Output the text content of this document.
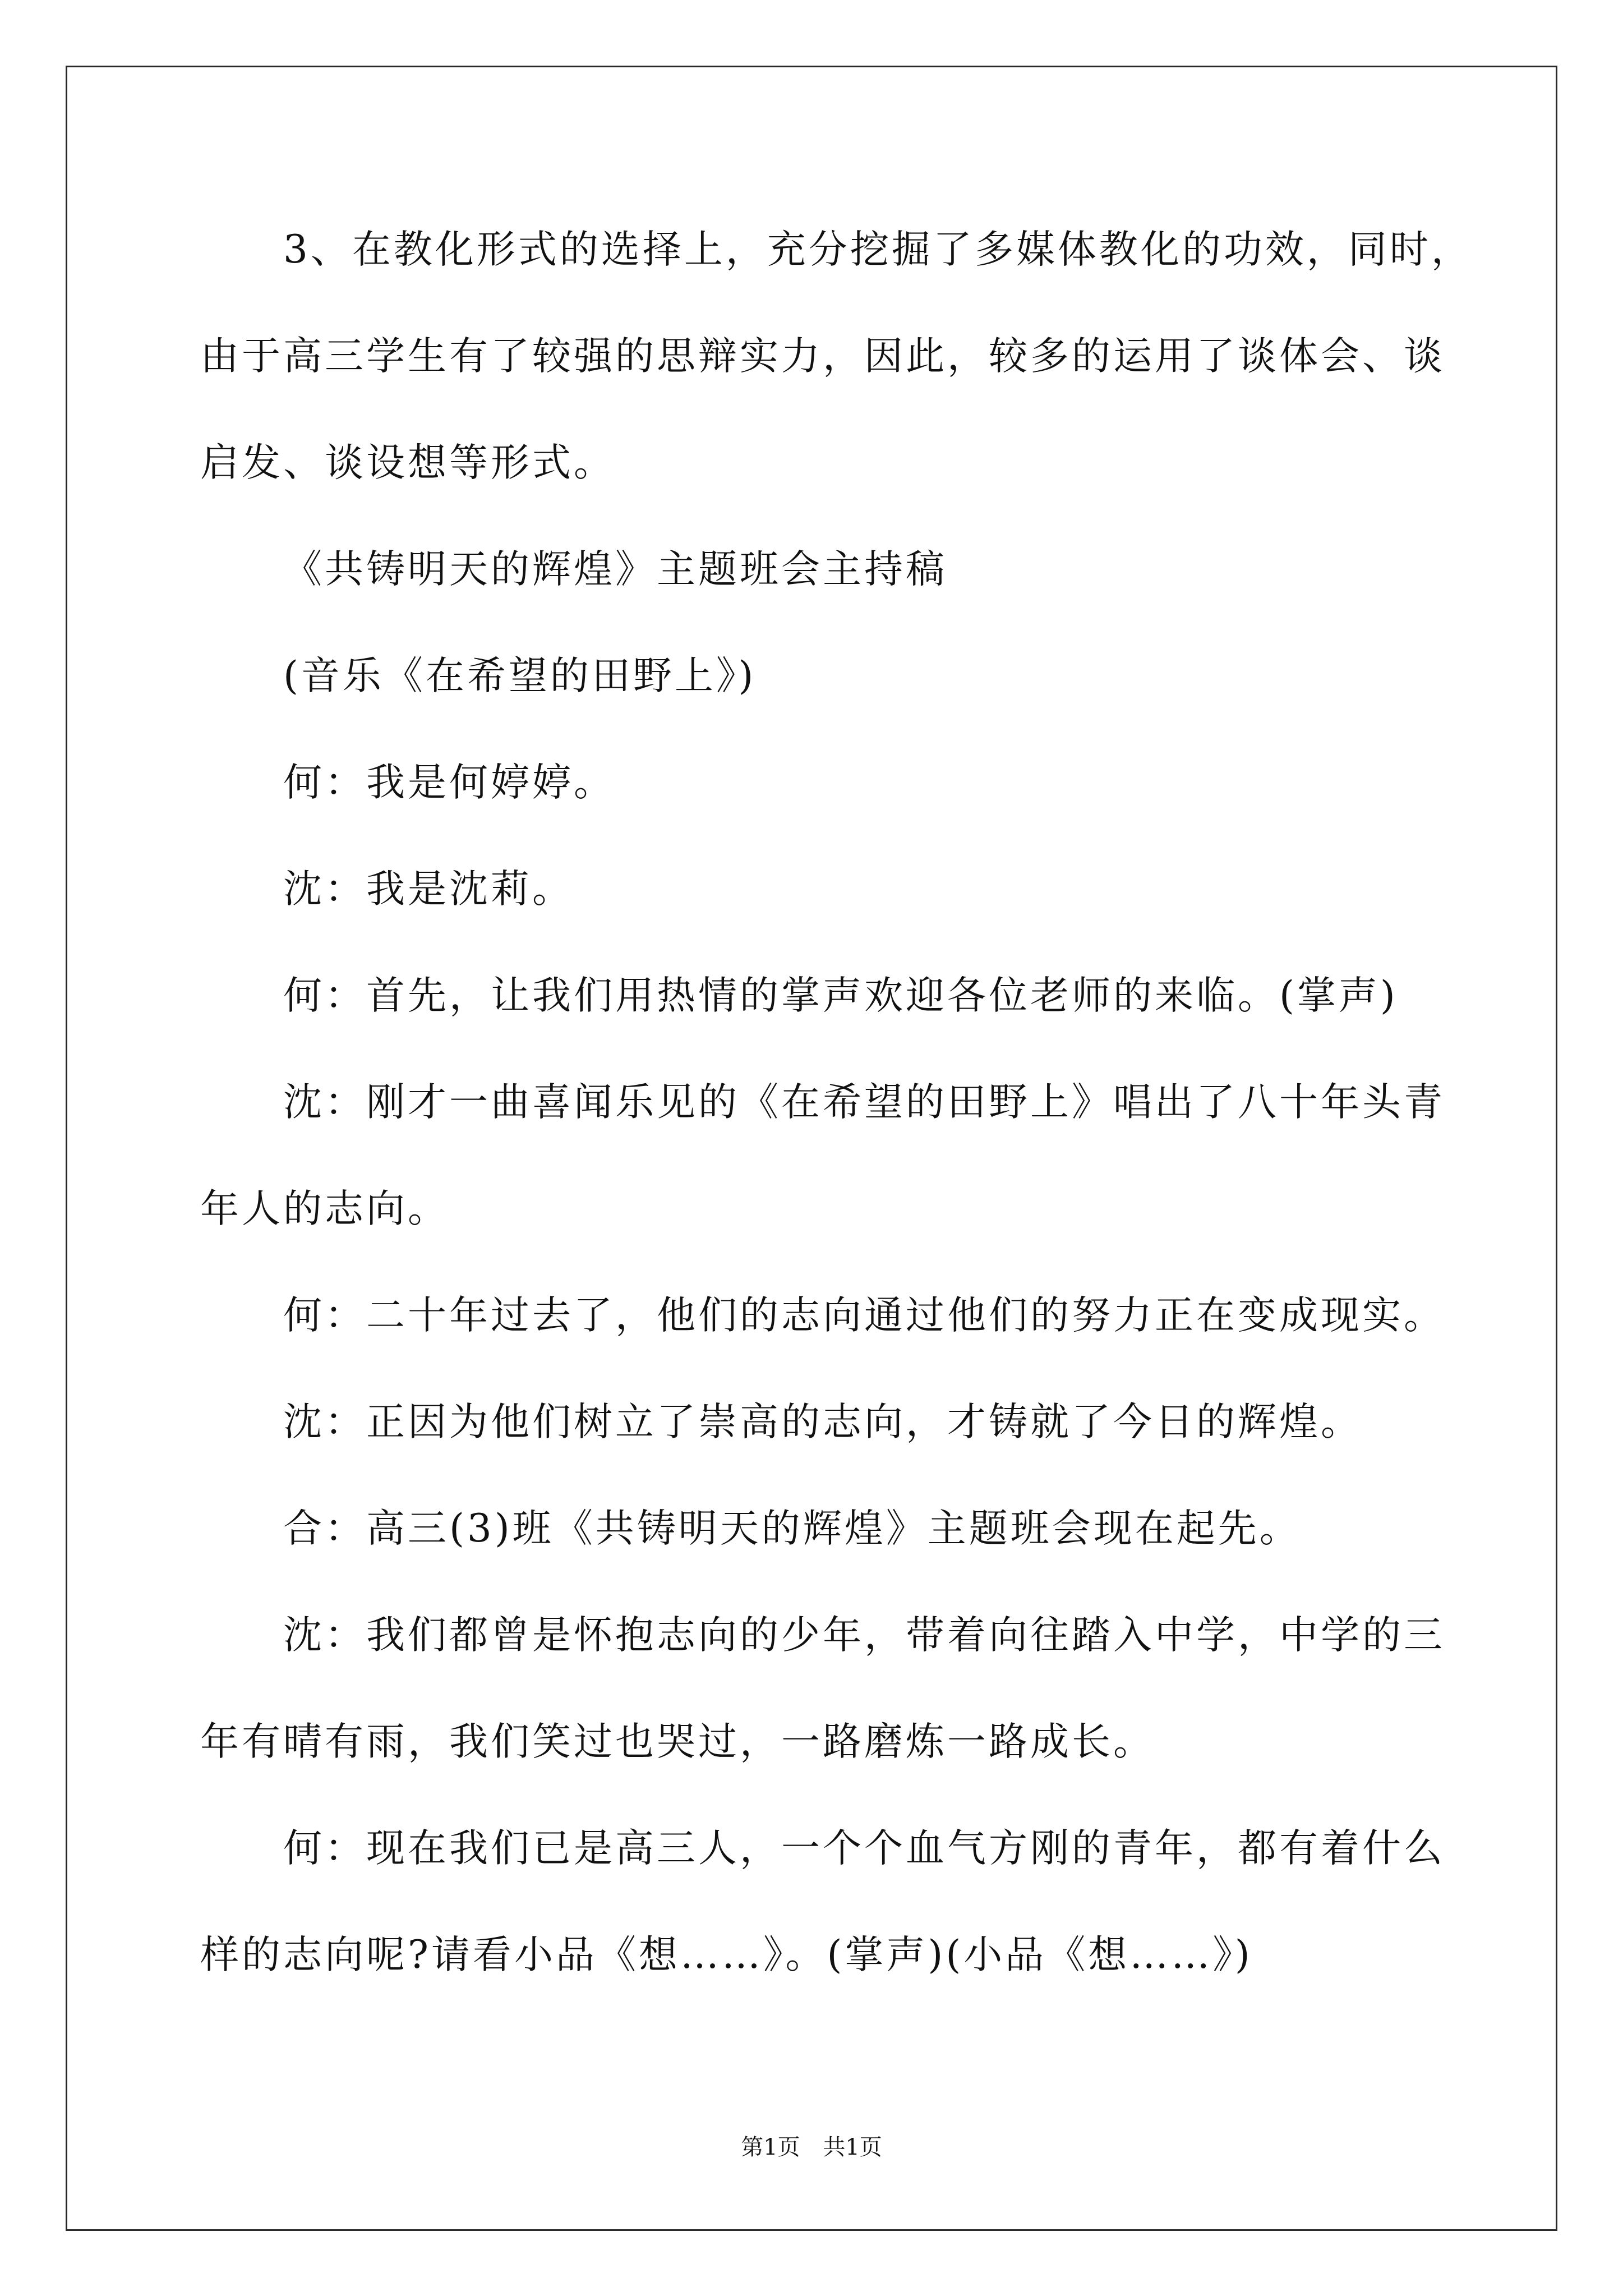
3、在教化形式的选择上，充分挖掘了多媒体教化的功效，同时，
由于高三学生有了较强的思辩实力，因此，较多的运用了谈体会、谈
启发、谈设想等形式。
《共铸明天的辉煌》主题班会主持稿
(音乐《在希望的田野上》)
何：我是何婷婷。
沈：我是沈莉。
何：首先，让我们用热情的掌声欢迎各位老师的来临。(掌声)
沈：刚才一曲喜闻乐见的《在希望的田野上》唱出了八十年头青
年人的志向。
何：二十年过去了，他们的志向通过他们的努力正在变成现实。
沈：正因为他们树立了崇高的志向，才铸就了今日的辉煌。
合：高三(3)班《共铸明天的辉煌》主题班会现在起先。
沈：我们都曾是怀抱志向的少年，带着向往踏入中学，中学的三
年有晴有雨，我们笑过也哭过，一路磨炼一路成长。
何：现在我们已是高三人，一个个血气方刚的青年，都有着什么
样的志向呢?请看小品《想……》。(掌声)(小品《想……》)
第1页 共1页
